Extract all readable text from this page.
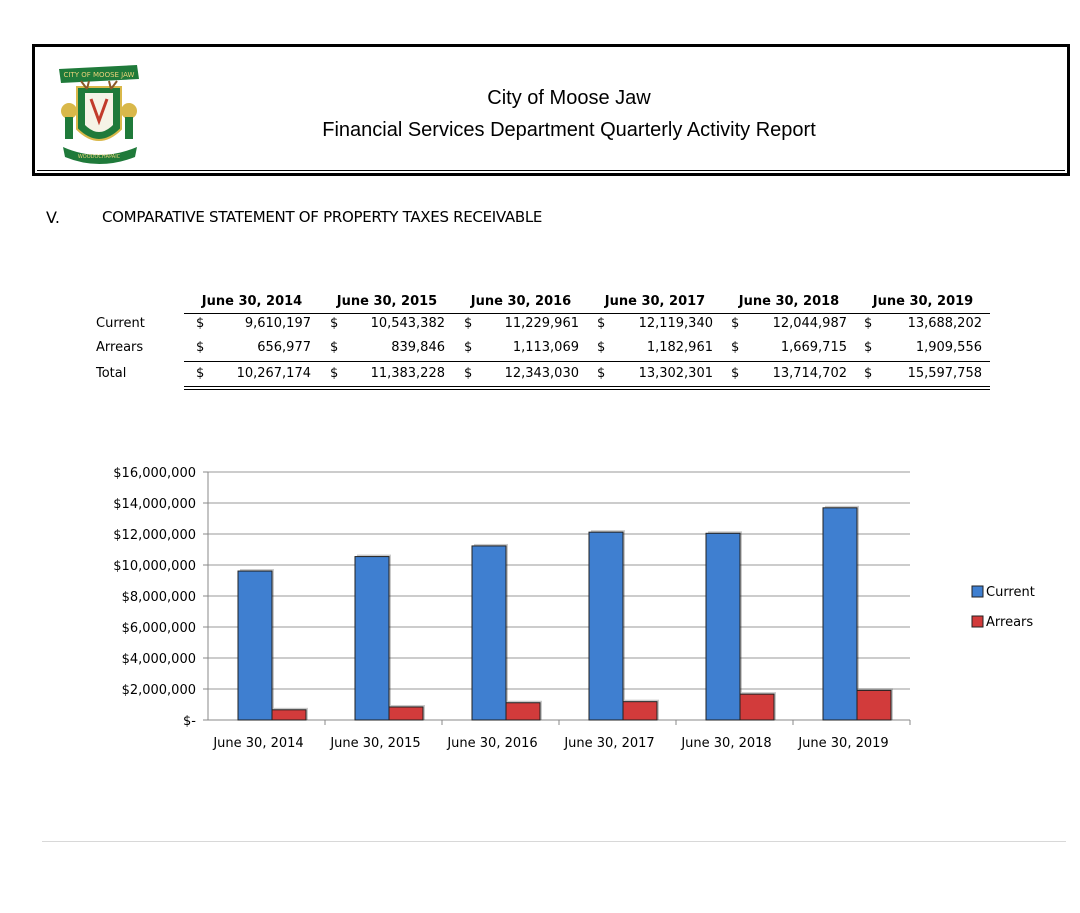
CITY OF MOOSE JAW
WOODOCHAPAIC
City of Moose Jaw
Financial Services Department Quarterly Activity Report
V.	COMPARATIVE STATEMENT OF PROPERTY TAXES RECEIVABLE
June 30, 2014	June 30, 2015	June 30, 2016	June 30, 2017	June 30, 2018	June 30, 2019
Current	$	9,610,197 $	10,543,382 $	11,229,961 $	12,119,340 $	12,044,987 $	13,688,202
Arrears	$	656,977 $	839,846 $	1,113,069 $	1,182,961 $	1,669,715 $	1,909,556
Total	$	10,267,174 $	11,383,228 $	12,343,030 $	13,302,301 $	13,714,702 $	15,597,758
$-
$2,000,000
$4,000,000
$6,000,000
$8,000,000
$10,000,000
$12,000,000
$14,000,000
$16,000,000
June 30, 2014 June 30, 2015 June 30, 2016 June 30, 2017 June 30, 2018 June 30, 2019
Current
Arrears
